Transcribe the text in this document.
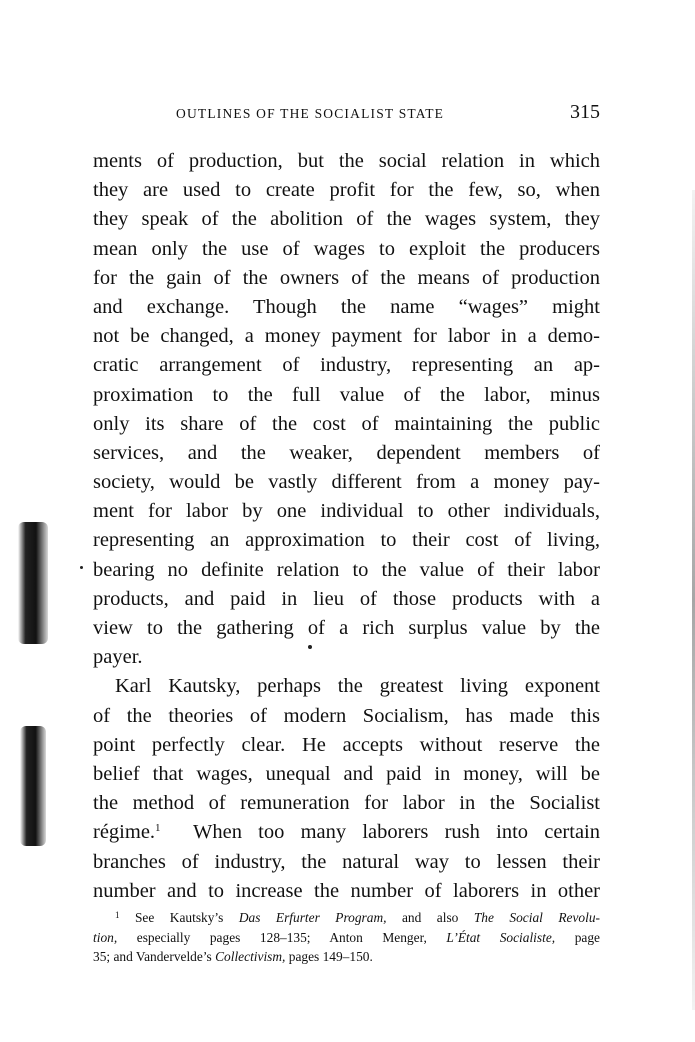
OUTLINES OF THE SOCIALIST STATE	315
ments of production, but the social relation in which
they are used to create profit for the few, so, when
they speak of the abolition of the wages system, they
mean only the use of wages to exploit the producers
for the gain of the owners of the means of production
and exchange. Though the name “wages” might
not be changed, a money payment for labor in a demo-
cratic arrangement of industry, representing an ap-
proximation to the full value of the labor, minus
only its share of the cost of maintaining the public
services, and the weaker, dependent members of
society, would be vastly different from a money pay-
ment for labor by one individual to other individuals,
representing an approximation to their cost of living,
bearing no definite relation to the value of their labor
products, and paid in lieu of those products with a
view to the gathering of a rich surplus value by the
payer.
Karl Kautsky, perhaps the greatest living exponent
of the theories of modern Socialism, has made this
point perfectly clear. He accepts without reserve the
belief that wages, unequal and paid in money, will be
the method of remuneration for labor in the Socialist
régime.$^1$ When too many laborers rush into certain
branches of industry, the natural way to lessen their
number and to increase the number of laborers in other
$^1$ See Kautsky’s Das Erfurter Program, and also The Social Revolu-
tion, especially pages 128–135; Anton Menger, L’État Socialiste, page
35; and Vandervelde’s Collectivism, pages 149–150.
